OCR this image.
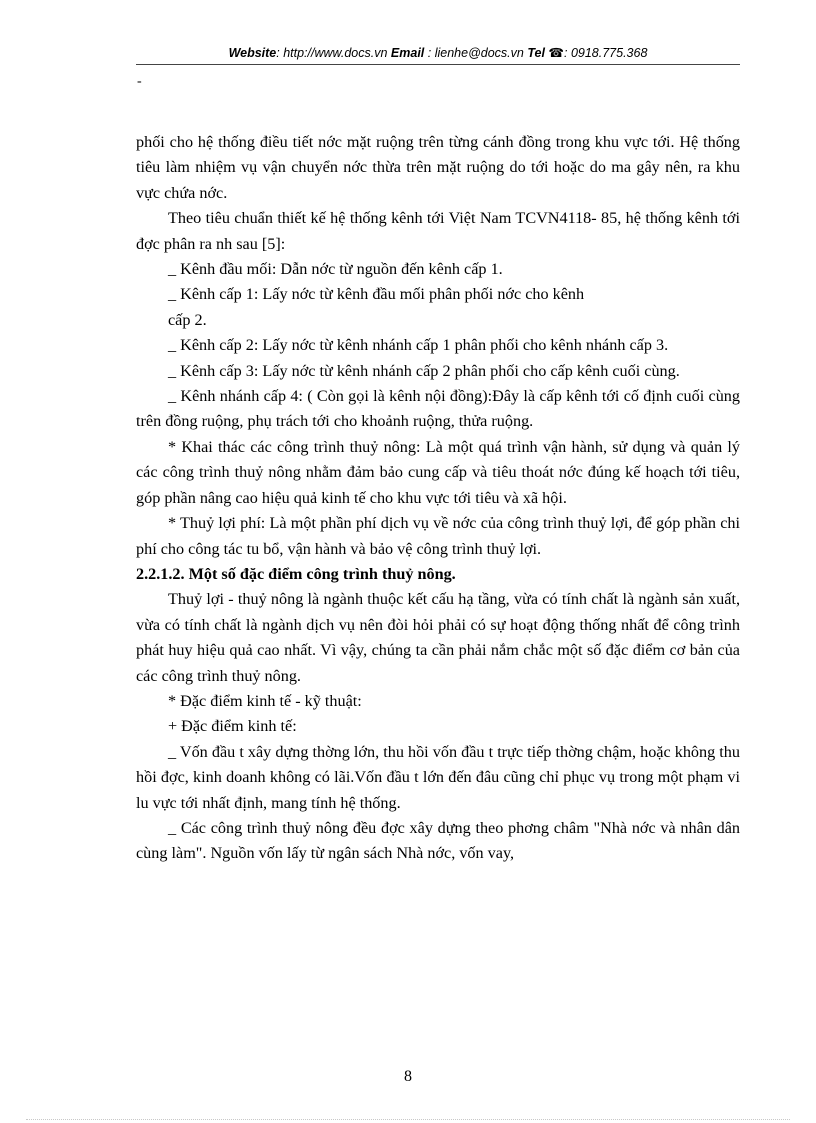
Website: http://www.docs.vn Email : lienhe@docs.vn Tel ☎: 0918.775.368
-

phối cho hệ thống điều tiết nớc mặt ruộng trên từng cánh đồng trong khu vực tới. Hệ thống tiêu làm nhiệm vụ vận chuyển nớc thừa trên mặt ruộng do tới hoặc do ma gây nên, ra khu vực chứa nớc.

Theo tiêu chuẩn thiết kế hệ thống kênh tới Việt Nam TCVN4118- 85, hệ thống kênh tới đợc phân ra nh sau [5]:

_ Kênh đầu mối: Dẫn nớc từ nguồn đến kênh cấp 1.

_ Kênh cấp 1: Lấy nớc từ kênh đầu mối phân phối nớc cho kênh

cấp 2.

_ Kênh cấp 2: Lấy nớc từ kênh nhánh cấp 1 phân phối cho kênh nhánh cấp 3.

_ Kênh cấp 3: Lấy nớc từ kênh nhánh cấp 2 phân phối cho cấp kênh cuối cùng.

_ Kênh nhánh cấp 4: ( Còn gọi là kênh nội đồng):Đây là cấp kênh tới cố định cuối cùng trên đồng ruộng, phụ trách tới cho khoảnh ruộng, thửa ruộng.

* Khai thác các công trình thuỷ nông: Là một quá trình vận hành, sử dụng và quản lý các công trình thuỷ nông nhằm đảm bảo cung cấp và tiêu thoát nớc đúng kế hoạch tới tiêu, góp phần nâng cao hiệu quả kinh tế cho khu vực tới tiêu và xã hội.

* Thuỷ lợi phí: Là một phần phí dịch vụ về nớc của công trình thuỷ lợi, để góp phần chi phí cho công tác tu bổ, vận hành và bảo vệ công trình thuỷ lợi.

2.2.1.2. Một số đặc điểm công trình thuỷ nông.

Thuỷ lợi - thuỷ nông là ngành thuộc kết cấu hạ tầng, vừa có tính chất là ngành sản xuất, vừa có tính chất là ngành dịch vụ nên đòi hỏi phải có sự hoạt động thống nhất để công trình phát huy hiệu quả cao nhất. Vì vậy, chúng ta cần phải nắm chắc một số đặc điểm cơ bản của các công trình thuỷ nông.

* Đặc điểm kinh tế - kỹ thuật:

+ Đặc điểm kinh tế:

_ Vốn đầu t xây dựng thờng lớn, thu hồi vốn đầu t trực tiếp thờng chậm, hoặc không thu hồi đợc, kinh doanh không có lãi.Vốn đầu t lớn đến đâu cũng chỉ phục vụ trong một phạm vi lu vực tới nhất định, mang tính hệ thống.

_ Các công trình thuỷ nông đều đợc xây dựng theo phơng châm "Nhà nớc và nhân dân cùng làm". Nguồn vốn lấy từ ngân sách Nhà nớc, vốn vay,

8
